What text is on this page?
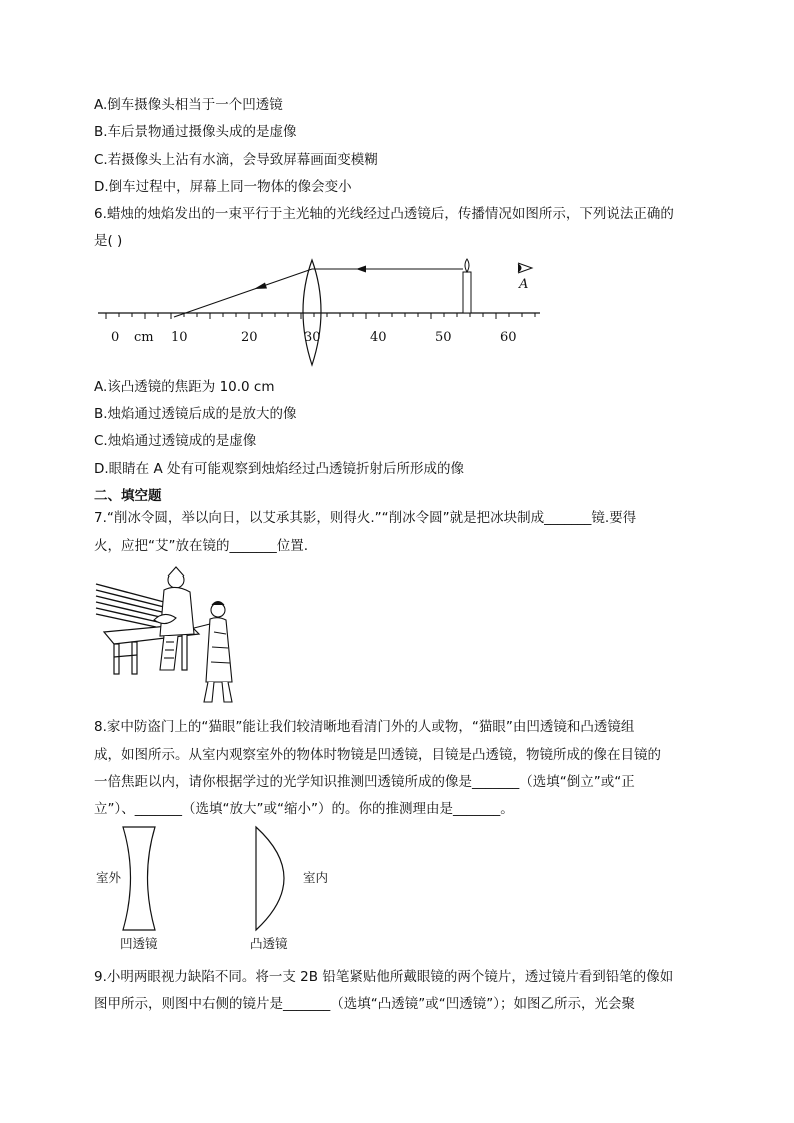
A.倒车摄像头相当于一个凹透镜
B.车后景物通过摄像头成的是虚像
C.若摄像头上沾有水滴，会导致屏幕画面变模糊
D.倒车过程中，屏幕上同一物体的像会变小
6.蜡烛的烛焰发出的一束平行于主光轴的光线经过凸透镜后，传播情况如图所示，下列说法正确的
是( )
0 cm 10	20	30	40	50	60
A
A.该凸透镜的焦距为 10.0 cm
B.烛焰通过透镜后成的是放大的像
C.烛焰通过透镜成的是虚像
D.眼睛在 A 处有可能观察到烛焰经过凸透镜折射后所形成的像
二、填空题
7.“削冰令圆，举以向日，以艾承其影，则得火.”“削冰令圆”就是把冰块制成_______镜.要得
火，应把“艾”放在镜的_______位置.
8.家中防盗门上的“猫眼”能让我们较清晰地看清门外的人或物，“猫眼”由凹透镜和凸透镜组
成，如图所示。从室内观察室外的物体时物镜是凹透镜，目镜是凸透镜，物镜所成的像在目镜的
一倍焦距以内，请你根据学过的光学知识推测凹透镜所成的像是_______（选填“倒立”或“正
立”）、_______（选填“放大”或“缩小”）的。你的推测理由是_______。
室外	室内
凹透镜	凸透镜
9.小明两眼视力缺陷不同。将一支 2B 铅笔紧贴他所戴眼镜的两个镜片，透过镜片看到铅笔的像如
图甲所示，则图中右侧的镜片是_______（选填“凸透镜”或“凹透镜”）；如图乙所示，光会聚
